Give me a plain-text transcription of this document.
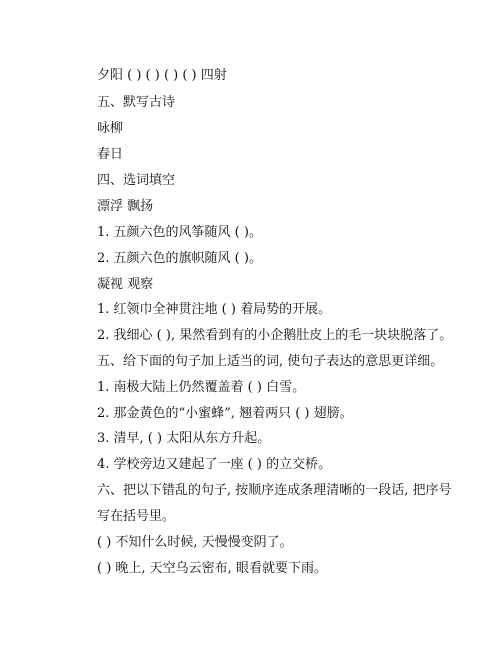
夕阳 ( ) ( ) ( ) ( ) 四射
五、默写古诗
咏柳
春日
四、选词填空
漂浮 飘扬
1. 五颜六色的风筝随风 ( )。
2. 五颜六色的旗帜随风 ( )。
凝视 观察
1. 红领巾全神贯注地 ( ) 着局势的开展。
2. 我细心 ( ), 果然看到有的小企鹅肚皮上的毛一块块脱落了。
五、给下面的句子加上适当的词, 使句子表达的意思更详细。
1. 南极大陆上仍然覆盖着 ( ) 白雪。
2. 那金黄色的“小蜜蜂”, 翘着两只 ( ) 翅膀。
3. 清早, ( ) 太阳从东方升起。
4. 学校旁边又建起了一座 ( ) 的立交桥。
六、把以下错乱的句子, 按顺序连成条理清晰的一段话, 把序号
写在括号里。
( ) 不知什么时候, 天慢慢变阴了。
( ) 晚上, 天空乌云密布, 眼看就要下雨。
